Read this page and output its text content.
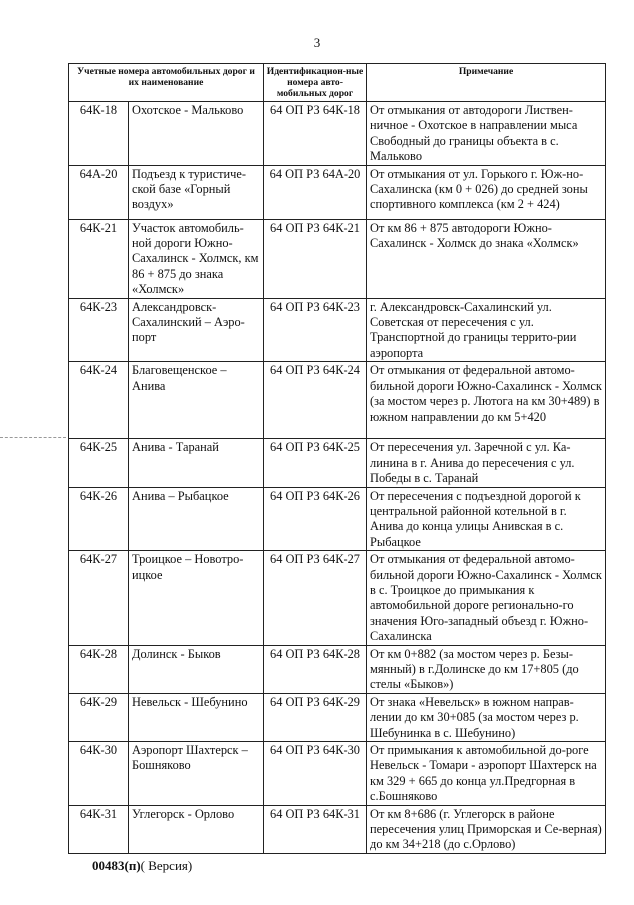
3
Учетные номера автомобильных дорог и их наименование		Идентификацион-ные номера авто-мобильных дорог	Примечание
64К-18	Охотское - Мальково	64 ОП РЗ 64К-18	От отмыкания от автодороги Листвен-ничное - Охотское в направлении мыса Свободный до границы объекта в с. Мальково
64А-20	Подъезд к туристиче-ской базе «Горный воздух»	64 ОП РЗ 64А-20	От отмыкания от ул. Горького г. Юж-но-Сахалинска (км 0 + 026) до средней зоны спортивного комплекса (км 2 + 424)
64К-21	Участок автомобиль-ной дороги Южно-Сахалинск - Холмск, км 86 + 875 до знака «Холмск»	64 ОП РЗ 64К-21	От км 86 + 875 автодороги Южно-Сахалинск - Холмск до знака «Холмск»
64К-23	Александровск-Сахалинский – Аэро-порт	64 ОП РЗ 64К-23	г. Александровск-Сахалинский ул. Советская от пересечения с ул. Транспортной до границы террито-рии аэропорта
64К-24	Благовещенское – Анива	64 ОП РЗ 64К-24	От отмыкания от федеральной автомо-бильной дороги Южно-Сахалинск - Холмск (за мостом через р. Лютога на км 30+489) в южном направлении до км 5+420
64К-25	Анива - Таранай	64 ОП РЗ 64К-25	От пересечения ул. Заречной с ул. Ка-линина в г. Анива до пересечения с ул. Победы в с. Таранай
64К-26	Анива – Рыбацкое	64 ОП РЗ 64К-26	От пересечения с подъездной дорогой к центральной районной котельной в г. Анива до конца улицы Анивская в с. Рыбацкое
64К-27	Троицкое – Новотро-ицкое	64 ОП РЗ 64К-27	От отмыкания от федеральной автомо-бильной дороги Южно-Сахалинск - Холмск в с. Троицкое до примыкания к автомобильной дороге регионально-го значения Юго-западный объезд г. Южно-Сахалинска
64К-28	Долинск - Быков	64 ОП РЗ 64К-28	От км 0+882 (за мостом через р. Безы-мянный) в г.Долинске до км 17+805 (до стелы «Быков»)
64К-29	Невельск - Шебунино	64 ОП РЗ 64К-29	От знака «Невельск» в южном направ-лении до км 30+085 (за мостом через р. Шебунинка в с. Шебунино)
64К-30	Аэропорт Шахтерск – Бошняково	64 ОП РЗ 64К-30	От примыкания к автомобильной до-роге Невельск - Томари - аэропорт Шахтерск на км 329 + 665 до конца ул.Предгорная в с.Бошняково
64К-31	Углегорск - Орлово	64 ОП РЗ 64К-31	От км 8+686 (г. Углегорск в районе пересечения улиц Приморская и Се-верная) до км 34+218 (до с.Орлово)
00483(п)( Версия)
